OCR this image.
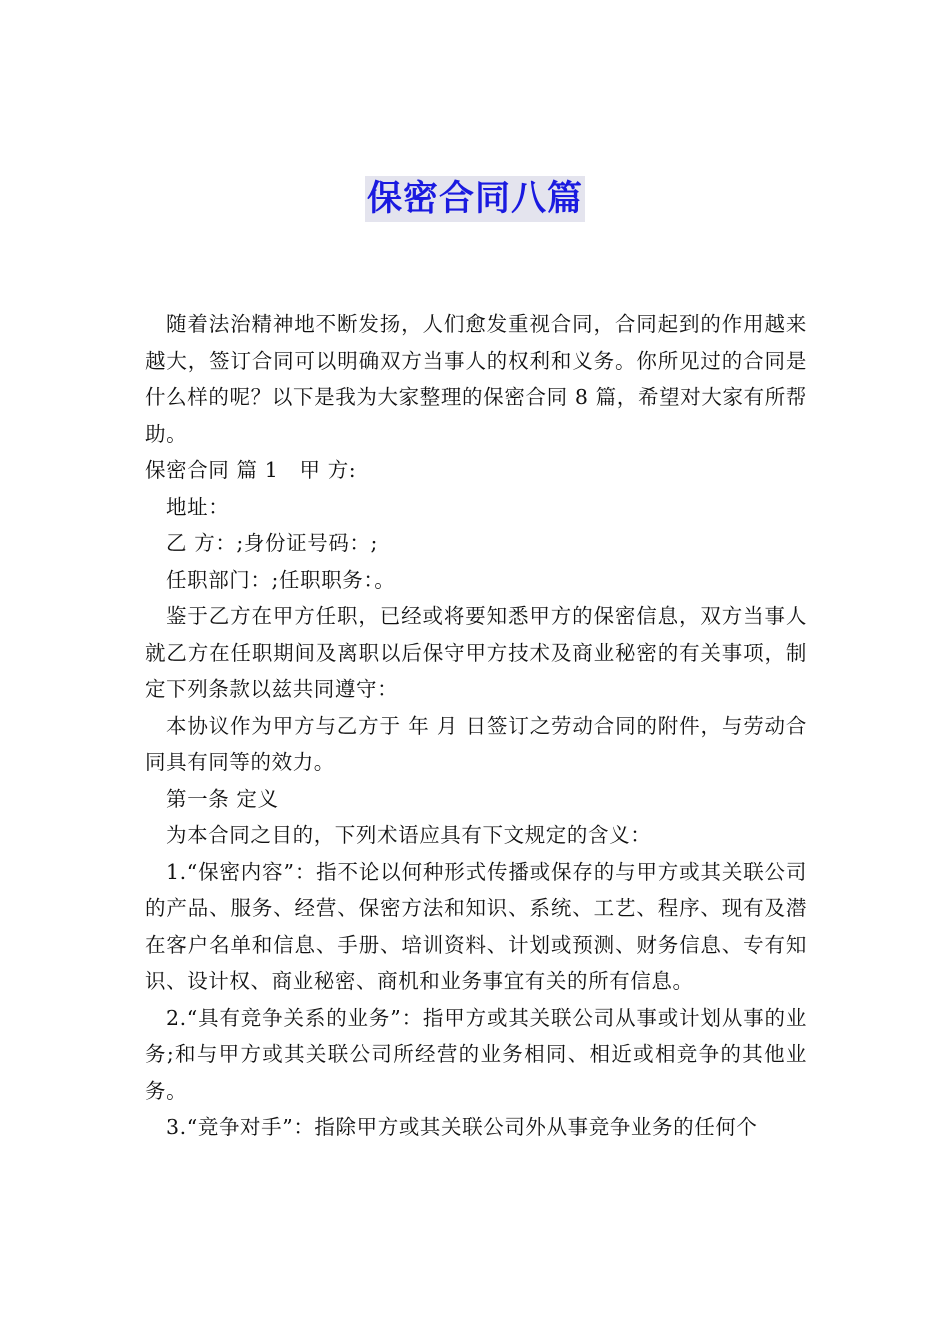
保密合同八篇

随着法治精神地不断发扬，人们愈发重视合同，合同起到的作用越来越大，签订合同可以明确双方当事人的权利和义务。你所见过的合同是什么样的呢？以下是我为大家整理的保密合同 8 篇，希望对大家有所帮助。

保密合同 篇 1　甲 方:

地址：

乙 方：;身份证号码：;

任职部门：;任职职务：。

鉴于乙方在甲方任职，已经或将要知悉甲方的保密信息，双方当事人就乙方在任职期间及离职以后保守甲方技术及商业秘密的有关事项，制定下列条款以兹共同遵守：

本协议作为甲方与乙方于 年 月 日签订之劳动合同的附件，与劳动合同具有同等的效力。

第一条 定义

为本合同之目的，下列术语应具有下文规定的含义：

1.“保密内容”：指不论以何种形式传播或保存的与甲方或其关联公司的产品、服务、经营、保密方法和知识、系统、工艺、程序、现有及潜在客户名单和信息、手册、培训资料、计划或预测、财务信息、专有知识、设计权、商业秘密、商机和业务事宜有关的所有信息。

2.“具有竞争关系的业务”：指甲方或其关联公司从事或计划从事的业务;和与甲方或其关联公司所经营的业务相同、相近或相竞争的其他业务。

3.“竞争对手”：指除甲方或其关联公司外从事竞争业务的任何个
